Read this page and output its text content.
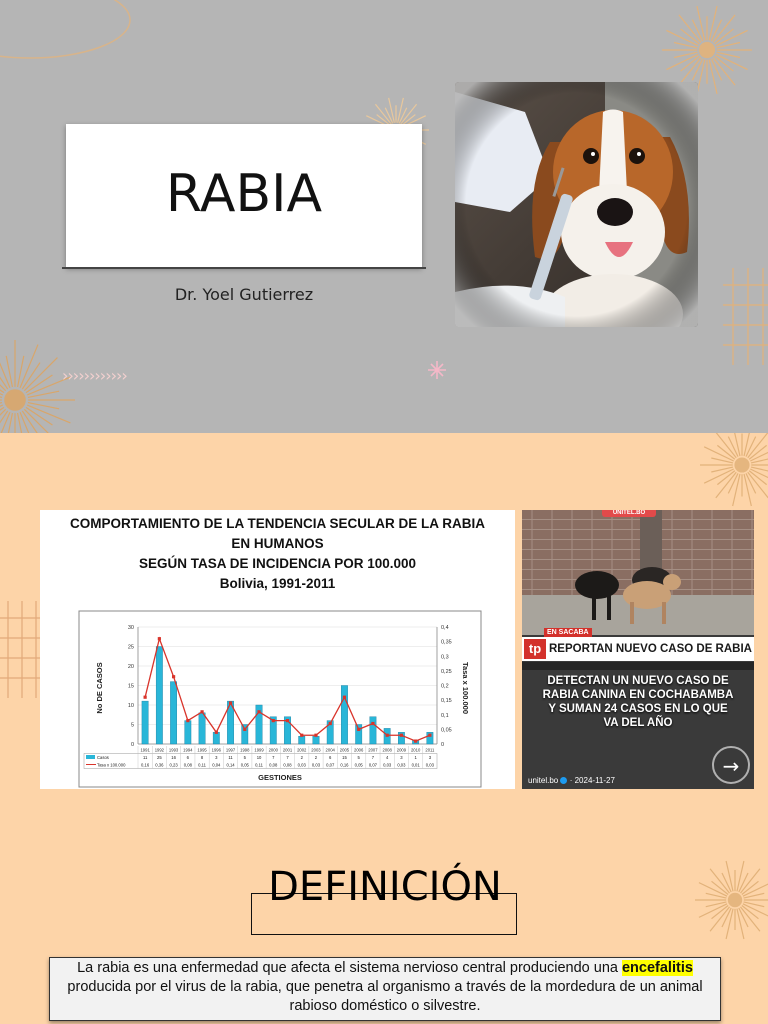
RABIA
Dr. Yoel Gutierrez
››››››››››››
COMPORTAMIENTO DE LA TENDENCIA SECULAR DE LA RABIA
EN HUMANOS
SEGÚN TASA DE INCIDENCIA POR 100.000
Bolivia, 1991-2011
No DE CASOS	Tasa x 100.000
GESTIONES
0
5
10
15
20
25
30
0
0,05
0,1
0,15
0,2
0,25
0,3
0,35
0,4
1991 1992 1993 1994 1995 1996 1997 1998 1999 2000 2001 2002 2003 2004 2005 2006 2007 2008 2009 2010 2011
Casos	11 25 16	6	8	3	11	5	10	7	7	2	2	6	15	5	7	4	3	1	3
Tasa x 100.000	0,16 0,36 0,23 0,08 0,11 0,04 0,14 0,05 0,11 0,08 0,08 0,03 0,03 0,07 0,16 0,05 0,07 0,03 0,03 0,01 0,03
UNITEL.BO
EN SACABA
tp REPORTAN NUEVO CASO DE RABIA
DETECTAN UN NUEVO CASO DE RABIA CANINA EN COCHABAMBA Y SUMAN 24 CASOS EN LO QUE VA DEL AÑO
→
unitel.bo · 2024-11-27
DEFINICIÓN
La rabia es una enfermedad que afecta el sistema nervioso central produciendo una encefalitis producida por el virus de la rabia, que penetra al organismo a través de la mordedura de un animal rabioso doméstico o silvestre.
